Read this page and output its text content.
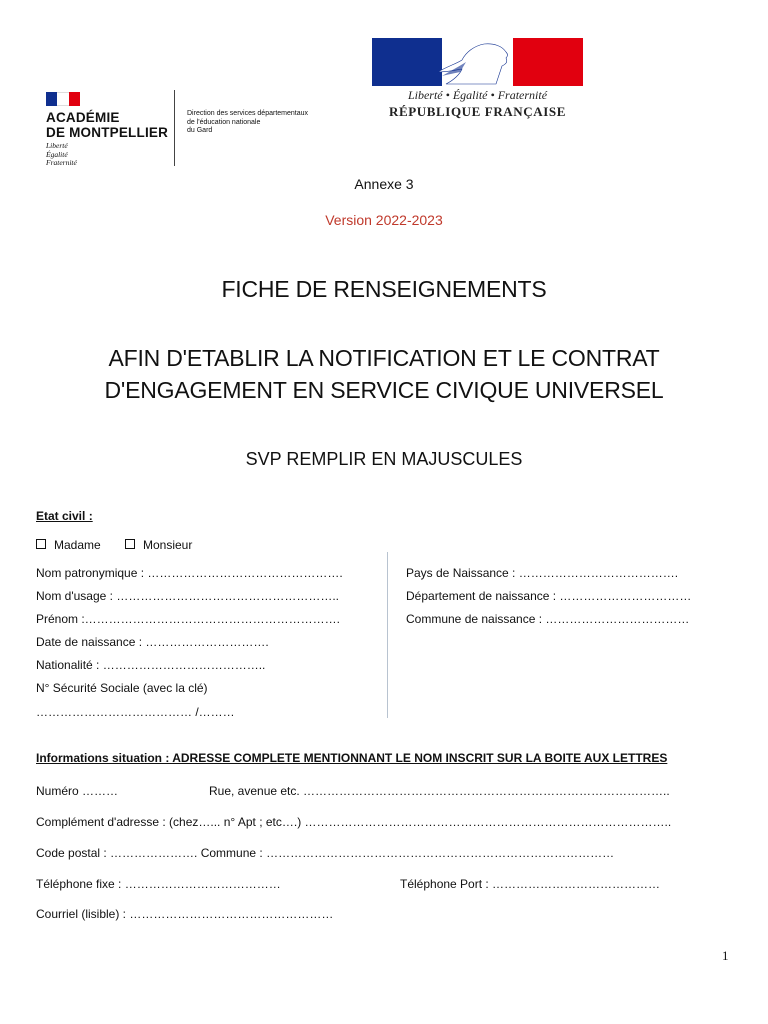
ACADÉMIE
DE MONTPELLIER
Liberté
Égalité
Fraternité
Direction des services départementaux
de l'éducation nationale
du Gard
Liberté • Égalité • Fraternité
RÉPUBLIQUE FRANÇAISE
Annexe 3
Version 2022-2023
FICHE DE RENSEIGNEMENTS
AFIN D'ETABLIR LA NOTIFICATION ET LE CONTRAT
D'ENGAGEMENT EN SERVICE CIVIQUE UNIVERSEL
SVP REMPLIR EN MAJUSCULES
Etat civil :
Madame	Monsieur
Nom patronymique : ………………………………………….
Nom d'usage : ………………………………………………..
Prénom :……………………………………………………….
Date de naissance : ………………………….
Nationalité : …………………………………..
N° Sécurité Sociale (avec la clé)
………………………………… /………
Pays de Naissance : ………………………………….
Département de naissance : ……………………………
Commune de naissance : ………………………………
Informations situation : ADRESSE COMPLETE MENTIONNANT LE NOM INSCRIT SUR LA BOITE AUX LETTRES
Numéro ………	Rue, avenue etc. ………………………………………………………………………………..
Complément d'adresse : (chez…... n° Apt ; etc….) ………………………………………………………………………………..
Code postal : …………………. Commune : ……………………………………………………………………………
Téléphone fixe : …………………………………	Téléphone Port : ……………………………………
Courriel (lisible) : ……………………………………………
1
